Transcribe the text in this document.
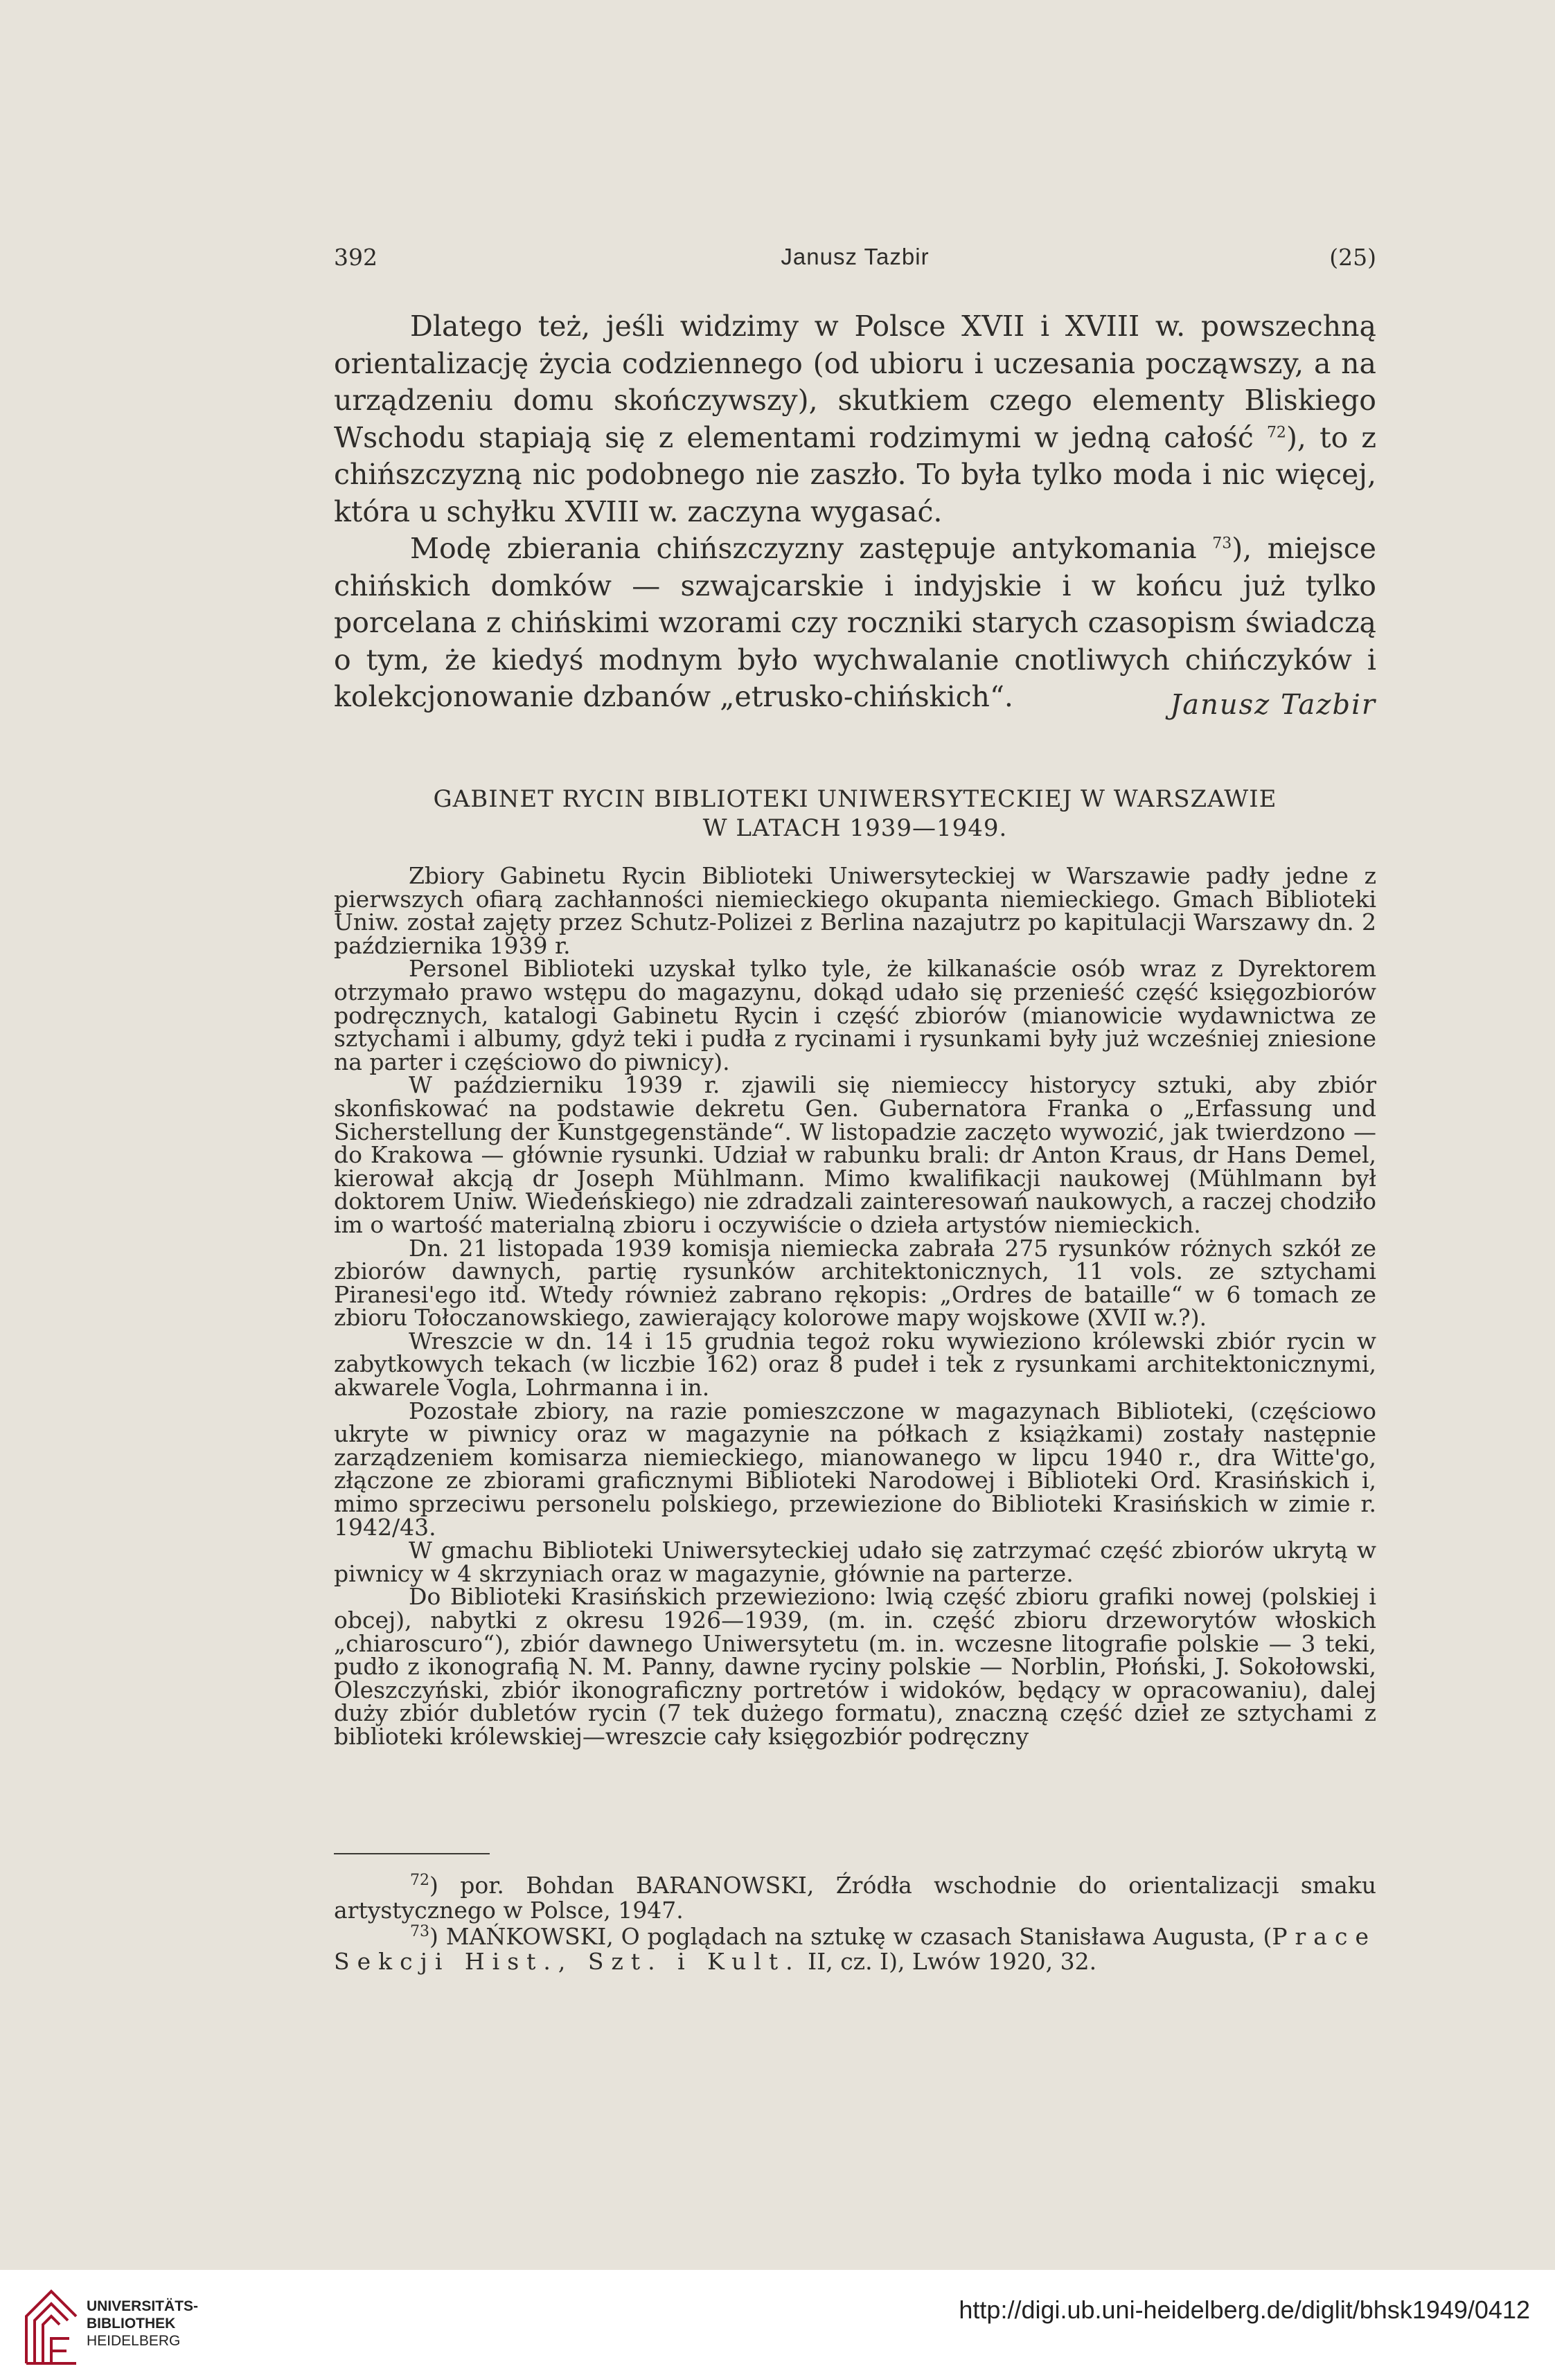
392	Janusz Tazbir	(25)

Dlatego też, jeśli widzimy w Polsce XVII i XVIII w. powszechną orientalizację życia codziennego (od ubioru i uczesania począwszy, a na urządzeniu domu skończywszy), skutkiem czego elementy Bliskiego Wschodu stapiają się z elementami rodzimymi w jedną całość $^{72}$), to z chińszczyzną nic podobnego nie zaszło. To była tylko moda i nic więcej, która u schyłku XVIII w. zaczyna wygasać.

Modę zbierania chińszczyzny zastępuje antykomania $^{73}$), miejsce chińskich domków — szwajcarskie i indyjskie i w końcu już tylko porcelana z chińskimi wzorami czy roczniki starych czasopism świadczą o tym, że kiedyś modnym było wychwalanie cnotliwych chińczyków i kolekcjonowanie dzbanów „etrusko-chińskich“.	Janusz Tazbir
GABINET RYCIN BIBLIOTEKI UNIWERSYTECKIEJ W WARSZAWIE
W LATACH 1939—1949.

Zbiory Gabinetu Rycin Biblioteki Uniwersyteckiej w Warszawie padły jedne z pierwszych ofiarą zachłanności niemieckiego okupanta niemieckiego. Gmach Biblioteki Uniw. został zajęty przez Schutz-Polizei z Berlina nazajutrz po kapitulacji Warszawy dn. 2 października 1939 r.

Personel Biblioteki uzyskał tylko tyle, że kilkanaście osób wraz z Dyrektorem otrzymało prawo wstępu do magazynu, dokąd udało się przenieść część księgozbiorów podręcznych, katalogi Gabinetu Rycin i część zbiorów (mianowicie wydawnictwa ze sztychami i albumy, gdyż teki i pudła z rycinami i rysunkami były już wcześniej zniesione na parter i częściowo do piwnicy).

W październiku 1939 r. zjawili się niemieccy historycy sztuki, aby zbiór skonfiskować na podstawie dekretu Gen. Gubernatora Franka o „Erfassung und Sicherstellung der Kunstgegenstände“. W listopadzie zaczęto wywozić, jak twierdzono — do Krakowa — głównie rysunki. Udział w rabunku brali: dr Anton Kraus, dr Hans Demel, kierował akcją dr Joseph Mühlmann. Mimo kwalifikacji naukowej (Mühlmann był doktorem Uniw. Wiedeńskiego) nie zdradzali zainteresowań naukowych, a raczej chodziło im o wartość materialną zbioru i oczywiście o dzieła artystów niemieckich.

Dn. 21 listopada 1939 komisja niemiecka zabrała 275 rysunków różnych szkół ze zbiorów dawnych, partię rysunków architektonicznych, 11 vols. ze sztychami Piranesi'ego itd. Wtedy również zabrano rękopis: „Ordres de bataille“ w 6 tomach ze zbioru Tołoczanowskiego, zawierający kolorowe mapy wojskowe (XVII w.?).

Wreszcie w dn. 14 i 15 grudnia tegoż roku wywieziono królewski zbiór rycin w zabytkowych tekach (w liczbie 162) oraz 8 pudeł i tek z rysunkami architektonicznymi, akwarele Vogla, Lohrmanna i in.

Pozostałe zbiory, na razie pomieszczone w magazynach Biblioteki, (częściowo ukryte w piwnicy oraz w magazynie na półkach z książkami) zostały następnie zarządzeniem komisarza niemieckiego, mianowanego w lipcu 1940 r., dra Witte'go, złączone ze zbiorami graficznymi Biblioteki Narodowej i Biblioteki Ord. Krasińskich i, mimo sprzeciwu personelu polskiego, przewiezione do Biblioteki Krasińskich w zimie r. 1942/43.

W gmachu Biblioteki Uniwersyteckiej udało się zatrzymać część zbiorów ukrytą w piwnicy w 4 skrzyniach oraz w magazynie, głównie na parterze.

Do Biblioteki Krasińskich przewieziono: lwią część zbioru grafiki nowej (polskiej i obcej), nabytki z okresu 1926—1939, (m. in. część zbioru drzeworytów włoskich „chiaroscuro“), zbiór dawnego Uniwersytetu (m. in. wczesne litografie polskie — 3 teki, pudło z ikonografią N. M. Panny, dawne ryciny polskie — Norblin, Płoński, J. Sokołowski, Oleszczyński, zbiór ikonograficzny portretów i widoków, będący w opracowaniu), dalej duży zbiór dubletów rycin (7 tek dużego formatu), znaczną część dzieł ze sztychami z biblioteki królewskiej—wreszcie cały księgozbiór podręczny

$^{72}$) por. Bohdan BARANOWSKI, Źródła wschodnie do orientalizacji smaku artystycznego w Polsce, 1947.

$^{73}$) MAŃKOWSKI, O poglądach na sztukę w czasach Stanisława Augusta, (Prace Sekcji Hist., Szt. i Kult. II, cz. I), Lwów 1920, 32.

UNIVERSITÄTS-
BIBLIOTHEK
HEIDELBERG
http://digi.ub.uni-heidelberg.de/diglit/bhsk1949/0412
